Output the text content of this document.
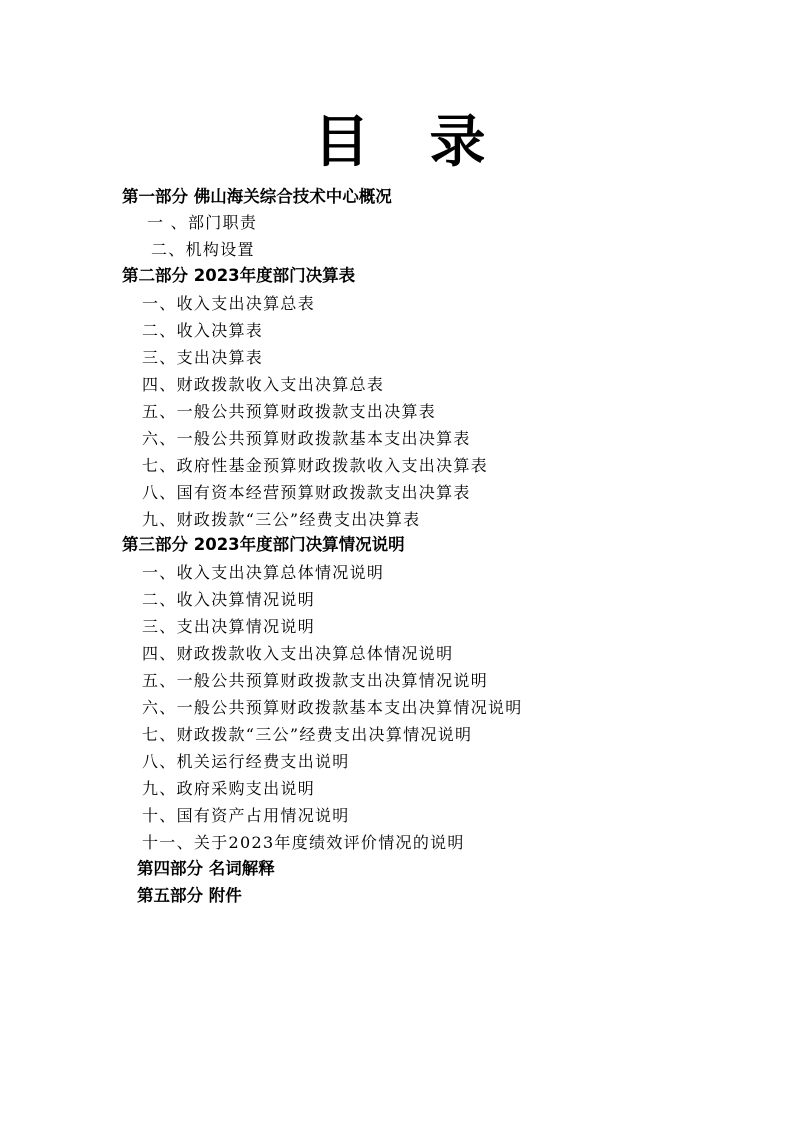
目录
第一部分 佛山海关综合技术中心概况
一 、部门职责
二、机构设置
第二部分 2023年度部门决算表
一、收入支出决算总表
二、收入决算表
三、支出决算表
四、财政拨款收入支出决算总表
五、一般公共预算财政拨款支出决算表
六、一般公共预算财政拨款基本支出决算表
七、政府性基金预算财政拨款收入支出决算表
八、国有资本经营预算财政拨款支出决算表
九、财政拨款“三公”经费支出决算表
第三部分 2023年度部门决算情况说明
一、收入支出决算总体情况说明
二、收入决算情况说明
三、支出决算情况说明
四、财政拨款收入支出决算总体情况说明
五、一般公共预算财政拨款支出决算情况说明
六、一般公共预算财政拨款基本支出决算情况说明
七、财政拨款“三公”经费支出决算情况说明
八、机关运行经费支出说明
九、政府采购支出说明
十、国有资产占用情况说明
十一、关于2023年度绩效评价情况的说明
第四部分 名词解释
第五部分 附件
